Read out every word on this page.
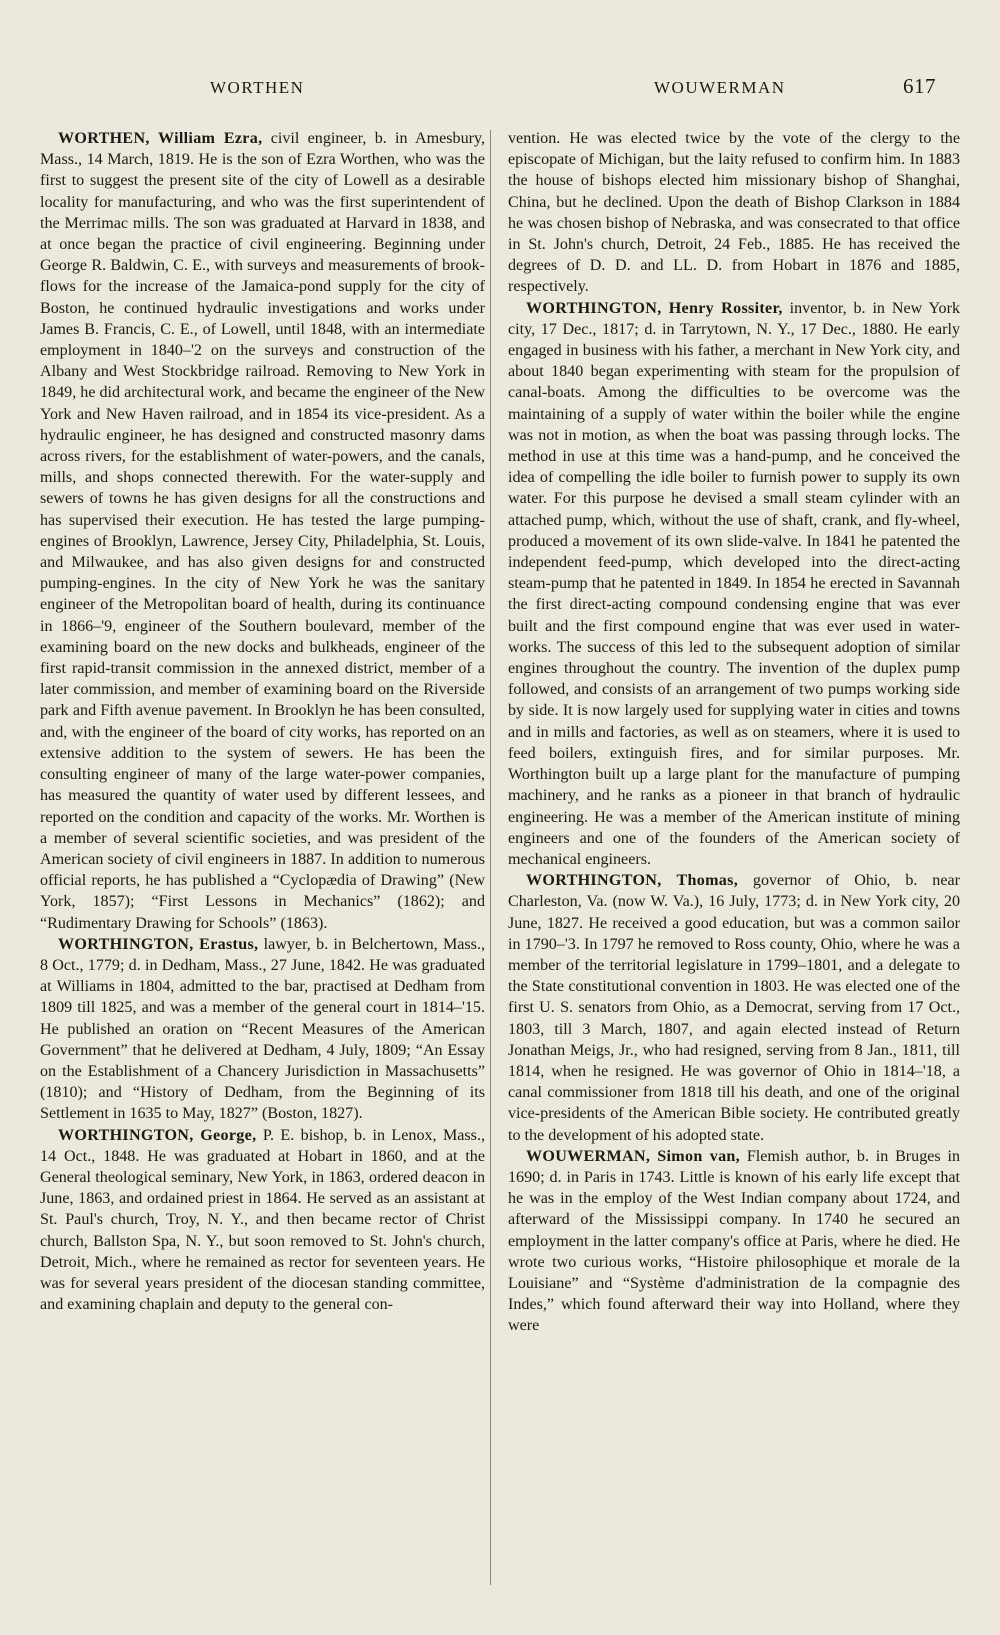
WORTHEN	WOUWERMAN	617

WORTHEN, William Ezra, civil engineer, b. in Amesbury, Mass., 14 March, 1819. He is the son of Ezra Worthen, who was the first to suggest the present site of the city of Lowell as a desirable locality for manufacturing, and who was the first superintendent of the Merrimac mills. The son was graduated at Harvard in 1838, and at once began the practice of civil engineering. Beginning under George R. Baldwin, C. E., with surveys and measurements of brook-flows for the increase of the Jamaica-pond supply for the city of Boston, he continued hydraulic investigations and works under James B. Francis, C. E., of Lowell, until 1848, with an intermediate employment in 1840–'2 on the surveys and construction of the Albany and West Stockbridge railroad. Removing to New York in 1849, he did architectural work, and became the engineer of the New York and New Haven railroad, and in 1854 its vice-president. As a hydraulic engineer, he has designed and constructed masonry dams across rivers, for the establishment of water-powers, and the canals, mills, and shops connected therewith. For the water-supply and sewers of towns he has given designs for all the constructions and has supervised their execution. He has tested the large pumping-engines of Brooklyn, Lawrence, Jersey City, Philadelphia, St. Louis, and Milwaukee, and has also given designs for and constructed pumping-engines. In the city of New York he was the sanitary engineer of the Metropolitan board of health, during its continuance in 1866–'9, engineer of the Southern boulevard, member of the examining board on the new docks and bulkheads, engineer of the first rapid-transit commission in the annexed district, member of a later commission, and member of examining board on the Riverside park and Fifth avenue pavement. In Brooklyn he has been consulted, and, with the engineer of the board of city works, has reported on an extensive addition to the system of sewers. He has been the consulting engineer of many of the large water-power companies, has measured the quantity of water used by different lessees, and reported on the condition and capacity of the works. Mr. Worthen is a member of several scientific societies, and was president of the American society of civil engineers in 1887. In addition to numerous official reports, he has published a “Cyclopædia of Drawing” (New York, 1857); “First Lessons in Mechanics” (1862); and “Rudimentary Drawing for Schools” (1863).

WORTHINGTON, Erastus, lawyer, b. in Belchertown, Mass., 8 Oct., 1779; d. in Dedham, Mass., 27 June, 1842. He was graduated at Williams in 1804, admitted to the bar, practised at Dedham from 1809 till 1825, and was a member of the general court in 1814–'15. He published an oration on “Recent Measures of the American Government” that he delivered at Dedham, 4 July, 1809; “An Essay on the Establishment of a Chancery Jurisdiction in Massachusetts” (1810); and “History of Dedham, from the Beginning of its Settlement in 1635 to May, 1827” (Boston, 1827).

WORTHINGTON, George, P. E. bishop, b. in Lenox, Mass., 14 Oct., 1848. He was graduated at Hobart in 1860, and at the General theological seminary, New York, in 1863, ordered deacon in June, 1863, and ordained priest in 1864. He served as an assistant at St. Paul's church, Troy, N. Y., and then became rector of Christ church, Ballston Spa, N. Y., but soon removed to St. John's church, Detroit, Mich., where he remained as rector for seventeen years. He was for several years president of the diocesan standing committee, and examining chaplain and deputy to the general con-

vention. He was elected twice by the vote of the clergy to the episcopate of Michigan, but the laity refused to confirm him. In 1883 the house of bishops elected him missionary bishop of Shanghai, China, but he declined. Upon the death of Bishop Clarkson in 1884 he was chosen bishop of Nebraska, and was consecrated to that office in St. John's church, Detroit, 24 Feb., 1885. He has received the degrees of D. D. and LL. D. from Hobart in 1876 and 1885, respectively.

WORTHINGTON, Henry Rossiter, inventor, b. in New York city, 17 Dec., 1817; d. in Tarrytown, N. Y., 17 Dec., 1880. He early engaged in business with his father, a merchant in New York city, and about 1840 began experimenting with steam for the propulsion of canal-boats. Among the difficulties to be overcome was the maintaining of a supply of water within the boiler while the engine was not in motion, as when the boat was passing through locks. The method in use at this time was a hand-pump, and he conceived the idea of compelling the idle boiler to furnish power to supply its own water. For this purpose he devised a small steam cylinder with an attached pump, which, without the use of shaft, crank, and fly-wheel, produced a movement of its own slide-valve. In 1841 he patented the independent feed-pump, which developed into the direct-acting steam-pump that he patented in 1849. In 1854 he erected in Savannah the first direct-acting compound condensing engine that was ever built and the first compound engine that was ever used in water-works. The success of this led to the subsequent adoption of similar engines throughout the country. The invention of the duplex pump followed, and consists of an arrangement of two pumps working side by side. It is now largely used for supplying water in cities and towns and in mills and factories, as well as on steamers, where it is used to feed boilers, extinguish fires, and for similar purposes. Mr. Worthington built up a large plant for the manufacture of pumping machinery, and he ranks as a pioneer in that branch of hydraulic engineering. He was a member of the American institute of mining engineers and one of the founders of the American society of mechanical engineers.

WORTHINGTON, Thomas, governor of Ohio, b. near Charleston, Va. (now W. Va.), 16 July, 1773; d. in New York city, 20 June, 1827. He received a good education, but was a common sailor in 1790–'3. In 1797 he removed to Ross county, Ohio, where he was a member of the territorial legislature in 1799–1801, and a delegate to the State constitutional convention in 1803. He was elected one of the first U. S. senators from Ohio, as a Democrat, serving from 17 Oct., 1803, till 3 March, 1807, and again elected instead of Return Jonathan Meigs, Jr., who had resigned, serving from 8 Jan., 1811, till 1814, when he resigned. He was governor of Ohio in 1814–'18, a canal commissioner from 1818 till his death, and one of the original vice-presidents of the American Bible society. He contributed greatly to the development of his adopted state.

WOUWERMAN, Simon van, Flemish author, b. in Bruges in 1690; d. in Paris in 1743. Little is known of his early life except that he was in the employ of the West Indian company about 1724, and afterward of the Mississippi company. In 1740 he secured an employment in the latter company's office at Paris, where he died. He wrote two curious works, “Histoire philosophique et morale de la Louisiane” and “Système d'administration de la compagnie des Indes,” which found afterward their way into Holland, where they were
